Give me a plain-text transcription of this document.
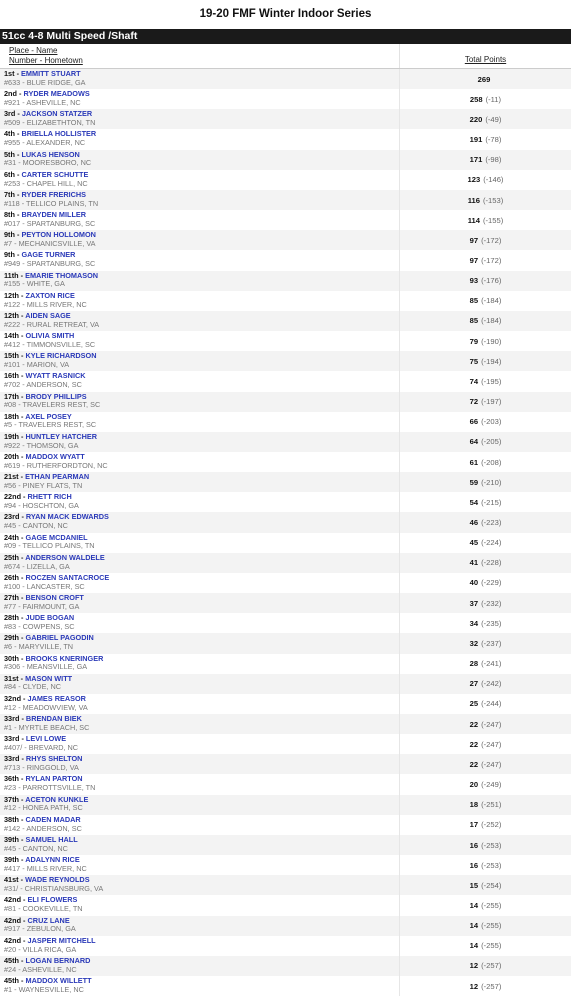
19-20 FMF Winter Indoor Series
51cc 4-8 Multi Speed /Shaft
Place - Name
Number - Hometown	Total Points
1st - EMMITT STUART
#633 - BLUE RIDGE, GA	269
2nd - RYDER MEADOWS
#921 - ASHEVILLE, NC	258 (-11)
3rd - JACKSON STATZER
#509 - ELIZABETHTON, TN	220 (-49)
4th - BRIELLA HOLLISTER
#955 - ALEXANDER, NC	191 (-78)
5th - LUKAS HENSON
#31 - MOORESBORO, NC	171 (-98)
6th - CARTER SCHUTTE
#253 - CHAPEL HILL, NC	123 (-146)
7th - RYDER FRERICHS
#118 - TELLICO PLAINS, TN	116 (-153)
8th - BRAYDEN MILLER
#017 - SPARTANBURG, SC	114 (-155)
9th - PEYTON HOLLOMON
#7 - MECHANICSVILLE, VA	97 (-172)
9th - GAGE TURNER
#949 - SPARTANBURG, SC	97 (-172)
11th - EMARIE THOMASON
#155 - WHITE, GA	93 (-176)
12th - ZAXTON RICE
#122 - MILLS RIVER, NC	85 (-184)
12th - AIDEN SAGE
#222 - RURAL RETREAT, VA	85 (-184)
14th - OLIVIA SMITH
#412 - TIMMONSVILLE, SC	79 (-190)
15th - KYLE RICHARDSON
#101 - MARION, VA	75 (-194)
16th - WYATT RASNICK
#702 - ANDERSON, SC	74 (-195)
17th - BRODY PHILLIPS
#08 - TRAVELERS REST, SC	72 (-197)
18th - AXEL POSEY
#5 - TRAVELERS REST, SC	66 (-203)
19th - HUNTLEY HATCHER
#922 - THOMSON, GA	64 (-205)
20th - MADDOX WYATT
#619 - RUTHERFORDTON, NC	61 (-208)
21st - ETHAN PEARMAN
#56 - PINEY FLATS, TN	59 (-210)
22nd - RHETT RICH
#94 - HOSCHTON, GA	54 (-215)
23rd - RYAN MACK EDWARDS
#45 - CANTON, NC	46 (-223)
24th - GAGE MCDANIEL
#09 - TELLICO PLAINS, TN	45 (-224)
25th - ANDERSON WALDELE
#674 - LIZELLA, GA	41 (-228)
26th - ROCZEN SANTACROCE
#100 - LANCASTER, SC	40 (-229)
27th - BENSON CROFT
#77 - FAIRMOUNT, GA	37 (-232)
28th - JUDE BOGAN
#83 - COWPENS, SC	34 (-235)
29th - GABRIEL PAGODIN
#6 - MARYVILLE, TN	32 (-237)
30th - BROOKS KNERINGER
#306 - MEANSVILLE, GA	28 (-241)
31st - MASON WITT
#84 - CLYDE, NC	27 (-242)
32nd - JAMES REASOR
#12 - MEADOWVIEW, VA	25 (-244)
33rd - BRENDAN BIEK
#1 - MYRTLE BEACH, SC	22 (-247)
33rd - LEVI LOWE
#407/ - BREVARD, NC	22 (-247)
33rd - RHYS SHELTON
#713 - RINGGOLD, VA	22 (-247)
36th - RYLAN PARTON
#23 - PARROTTSVILLE, TN	20 (-249)
37th - ACETON KUNKLE
#12 - HONEA PATH, SC	18 (-251)
38th - CADEN MADAR
#142 - ANDERSON, SC	17 (-252)
39th - SAMUEL HALL
#45 - CANTON, NC	16 (-253)
39th - ADALYNN RICE
#417 - MILLS RIVER, NC	16 (-253)
41st - WADE REYNOLDS
#31/ - CHRISTIANSBURG, VA	15 (-254)
42nd - ELI FLOWERS
#81 - COOKEVILLE, TN	14 (-255)
42nd - CRUZ LANE
#917 - ZEBULON, GA	14 (-255)
42nd - JASPER MITCHELL
#20 - VILLA RICA, GA	14 (-255)
45th - LOGAN BERNARD
#24 - ASHEVILLE, NC	12 (-257)
45th - MADDOX WILLETT
#1 - WAYNESVILLE, NC	12 (-257)
